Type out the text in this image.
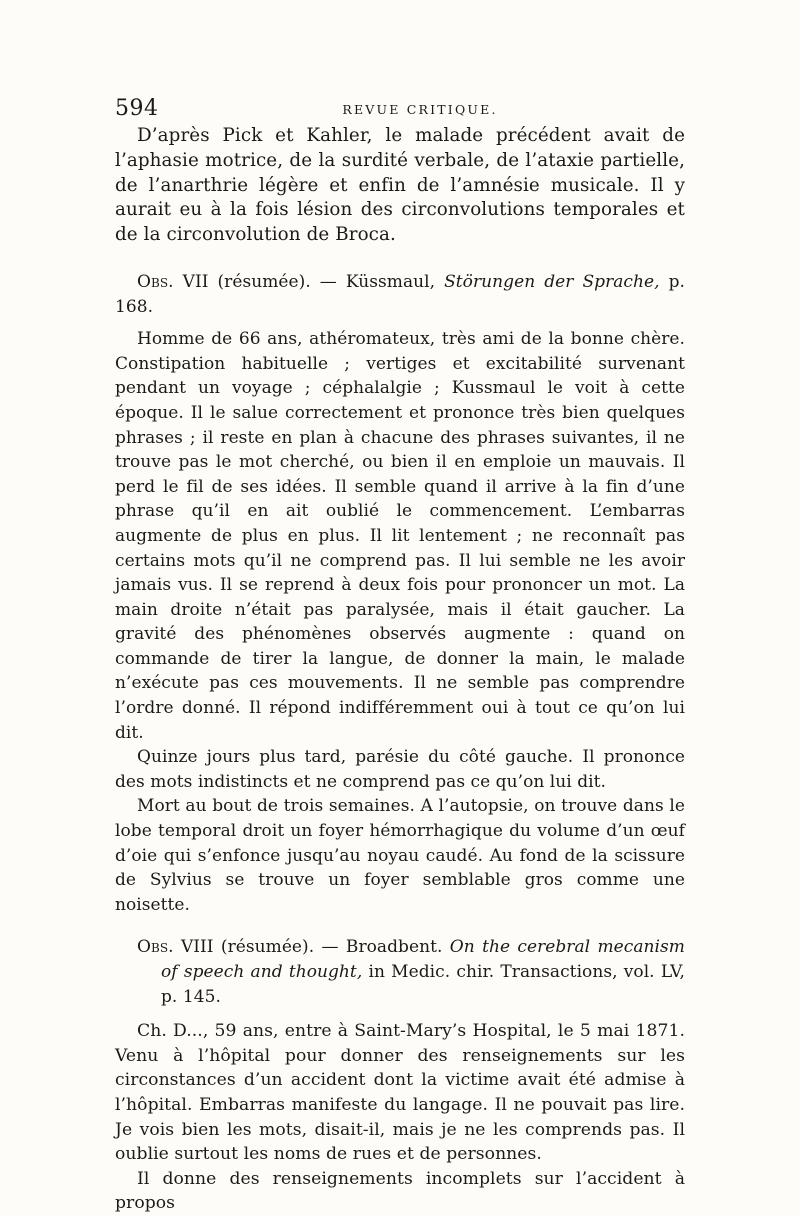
594	REVUE CRITIQUE.

D’après Pick et Kahler, le malade précédent avait de l’aphasie motrice, de la surdité verbale, de l’ataxie partielle, de l’anarthrie légère et enfin de l’amnésie musicale. Il y aurait eu à la fois lésion des circonvolutions temporales et de la circonvolution de Broca.

Obs. VII (résumée). — Küssmaul, Störungen der Sprache, p. 168.

Homme de 66 ans, athéromateux, très ami de la bonne chère. Constipation habituelle ; vertiges et excitabilité survenant pendant un voyage ; céphalalgie ; Kussmaul le voit à cette époque. Il le salue correctement et prononce très bien quelques phrases ; il reste en plan à chacune des phrases suivantes, il ne trouve pas le mot cherché, ou bien il en emploie un mauvais. Il perd le fil de ses idées. Il semble quand il arrive à la fin d’une phrase qu’il en ait oublié le commencement. L’embarras augmente de plus en plus. Il lit lentement ; ne reconnaît pas certains mots qu’il ne comprend pas. Il lui semble ne les avoir jamais vus. Il se reprend à deux fois pour prononcer un mot. La main droite n’était pas paralysée, mais il était gaucher. La gravité des phénomènes observés augmente : quand on commande de tirer la langue, de donner la main, le malade n’exécute pas ces mouvements. Il ne semble pas comprendre l’ordre donné. Il répond indifféremment oui à tout ce qu’on lui dit.

Quinze jours plus tard, parésie du côté gauche. Il prononce des mots indistincts et ne comprend pas ce qu’on lui dit.

Mort au bout de trois semaines. A l’autopsie, on trouve dans le lobe temporal droit un foyer hémorrhagique du volume d’un œuf d’oie qui s’enfonce jusqu’au noyau caudé. Au fond de la scissure de Sylvius se trouve un foyer semblable gros comme une noisette.

Obs. VIII (résumée). — Broadbent. On the cerebral mecanism of speech and thought, in Medic. chir. Transactions, vol. LV, p. 145.

Ch. D..., 59 ans, entre à Saint-Mary’s Hospital, le 5 mai 1871. Venu à l’hôpital pour donner des renseignements sur les circonstances d’un accident dont la victime avait été admise à l’hôpital. Embarras manifeste du langage. Il ne pouvait pas lire. Je vois bien les mots, disait-il, mais je ne les comprends pas. Il oublie surtout les noms de rues et de personnes.

Il donne des renseignements incomplets sur l’accident à propos
